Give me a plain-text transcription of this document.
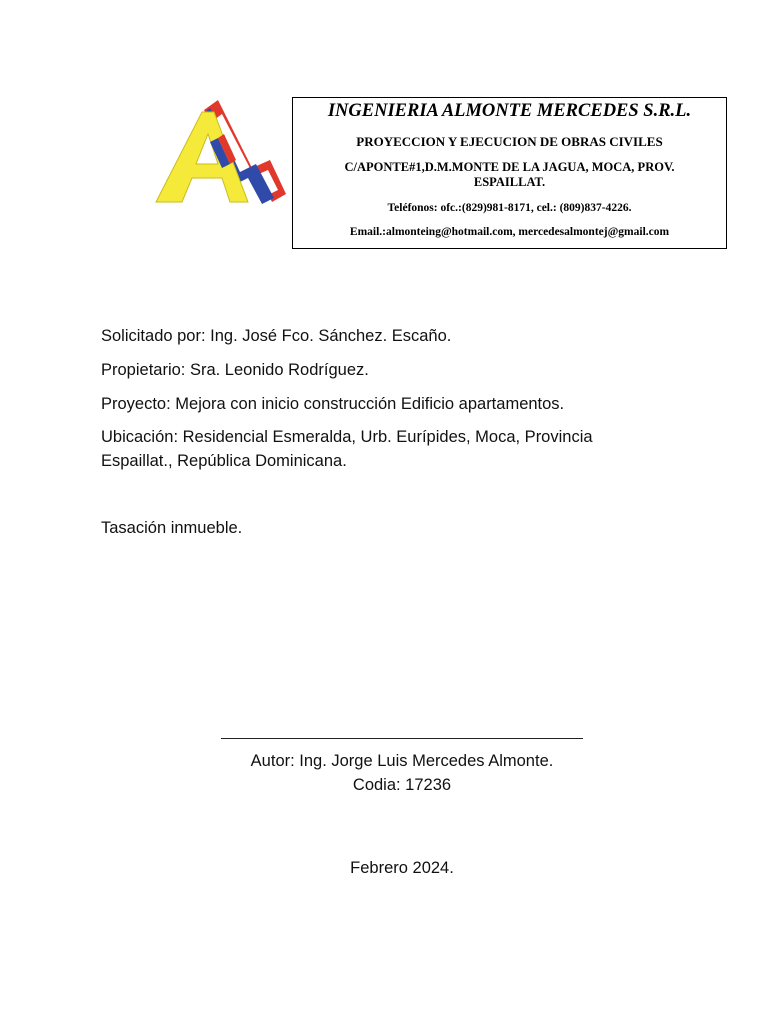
INGENIERIA ALMONTE MERCEDES S.R.L.
PROYECCION Y EJECUCION DE OBRAS CIVILES
C/APONTE#1,D.M.MONTE DE LA JAGUA, MOCA, PROV.
ESPAILLAT.
Teléfonos: ofc.:(829)981-8171, cel.: (809)837-4226.
Email.:almonteing@hotmail.com, mercedesalmontej@gmail.com
Solicitado por: Ing. José Fco. Sánchez. Escaño.
Propietario: Sra. Leonido Rodríguez.
Proyecto: Mejora con inicio construcción Edificio apartamentos.
Ubicación: Residencial Esmeralda, Urb. Eurípides, Moca, Provincia
Espaillat., República Dominicana.
Tasación inmueble.
Autor: Ing. Jorge Luis Mercedes Almonte.
Codia: 17236
Febrero 2024.
